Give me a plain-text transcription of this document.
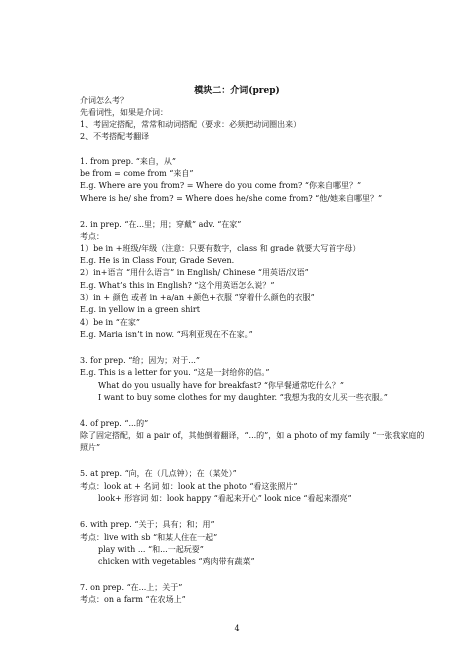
模块二：介词(prep)
介词怎么考？
先看词性，如果是介词：
1、考固定搭配，常常和动词搭配（要求：必须把动词圈出来）
2、不考搭配考翻译
1. from prep. “来自，从”
be from = come from “来自”
E.g. Where are you from? = Where do you come from? “你来自哪里？”
Where is he/ she from? = Where does he/she come from? “他/她来自哪里？”
2. in prep. “在...里；用；穿戴” adv. “在家”
考点：
1）be in +班级/年级（注意：只要有数字，class 和 grade 就要大写首字母）
E.g. He is in Class Four, Grade Seven.
2）in+语言 “用什么语言” in English/ Chinese “用英语/汉语”
E.g. What’s this in English? “这个用英语怎么说？”
3）in + 颜色 或者 in +a/an +颜色+衣服 “穿着什么颜色的衣服”
E.g. in yellow in a green shirt
4）be in “在家”
E.g. Maria isn’t in now. “玛利亚现在不在家。”
3. for prep. “给；因为；对于...”
E.g. This is a letter for you. “这是一封给你的信。”
What do you usually have for breakfast? “你早餐通常吃什么？”
I want to buy some clothes for my daughter. “我想为我的女儿买一些衣服。”
4. of prep. “...的”
除了固定搭配，如 a pair of，其他倒着翻译，“...的”，如 a photo of my family “一张我家庭的
照片”
5. at prep. “向，在（几点钟）；在（某处）”
考点：look at + 名词 如：look at the photo “看这张照片”
look+ 形容词 如：look happy “看起来开心” look nice “看起来漂亮”
6. with prep. “关于；具有；和；用”
考点：live with sb “和某人住在一起”
play with ... “和...一起玩耍”
chicken with vegetables “鸡肉带有蔬菜”
7. on prep. “在...上；关于”
考点：on a farm “在农场上”
4
